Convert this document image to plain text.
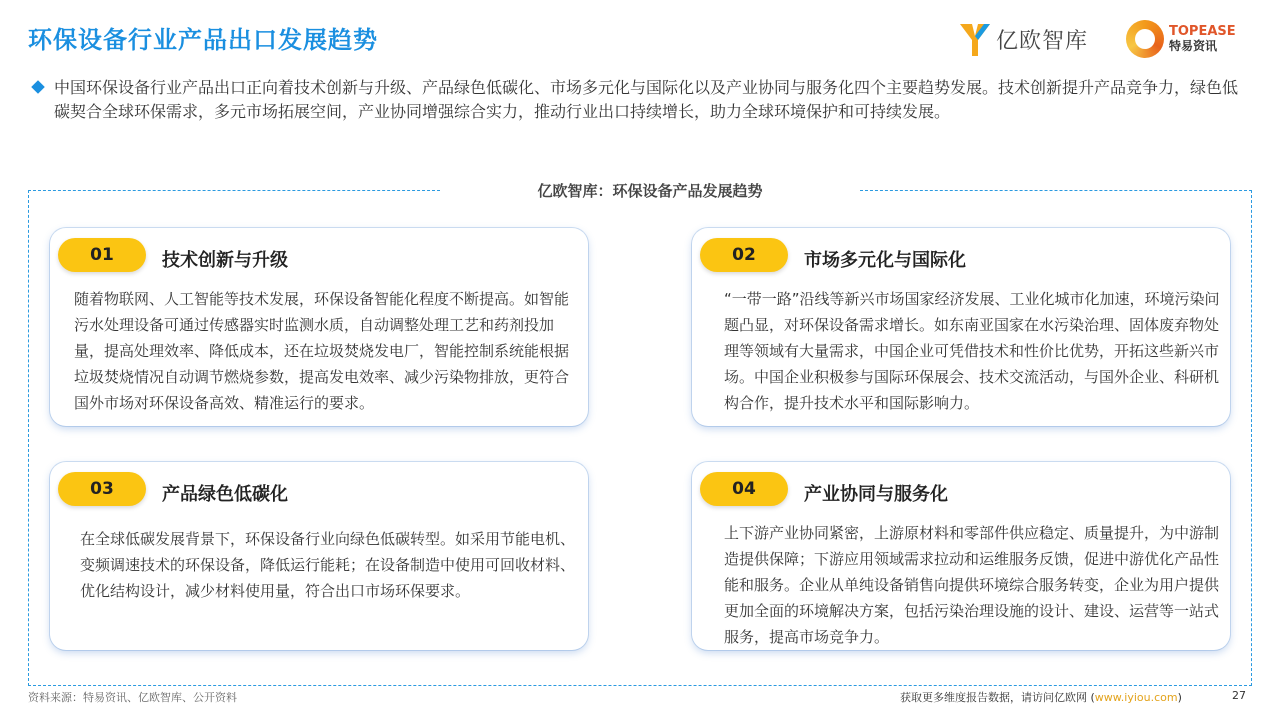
环保设备行业产品出口发展趋势	亿欧智库	TOPEASE
特易资讯
中国环保设备行业产品出口正向着技术创新与升级、产品绿色低碳化、市场多元化与国际化以及产业协同与服务化四个主要趋势发展。技术创新提升产品竞争力，绿色低碳契合全球环保需求，多元市场拓展空间，产业协同增强综合实力，推动行业出口持续增长，助力全球环境保护和可持续发展。
亿欧智库：环保设备产品发展趋势
01	技术创新与升级
随着物联网、人工智能等技术发展，环保设备智能化程度不断提高。如智能污水处理设备可通过传感器实时监测水质，自动调整处理工艺和药剂投加量，提高处理效率、降低成本，还在垃圾焚烧发电厂，智能控制系统能根据垃圾焚烧情况自动调节燃烧参数，提高发电效率、减少污染物排放，更符合国外市场对环保设备高效、精准运行的要求。
02	市场多元化与国际化
“一带一路”沿线等新兴市场国家经济发展、工业化城市化加速，环境污染问题凸显，对环保设备需求增长。如东南亚国家在水污染治理、固体废弃物处理等领域有大量需求，中国企业可凭借技术和性价比优势，开拓这些新兴市场。中国企业积极参与国际环保展会、技术交流活动，与国外企业、科研机构合作，提升技术水平和国际影响力。
03	产品绿色低碳化
在全球低碳发展背景下，环保设备行业向绿色低碳转型。如采用节能电机、变频调速技术的环保设备，降低运行能耗；在设备制造中使用可回收材料、优化结构设计，减少材料使用量，符合出口市场环保要求。
04	产业协同与服务化
上下游产业协同紧密，上游原材料和零部件供应稳定、质量提升，为中游制造提供保障；下游应用领域需求拉动和运维服务反馈，促进中游优化产品性能和服务。企业从单纯设备销售向提供环境综合服务转变，企业为用户提供更加全面的环境解决方案，包括污染治理设施的设计、建设、运营等一站式服务，提高市场竞争力。
资料来源：特易资讯、亿欧智库、公开资料	获取更多维度报告数据，请访问亿欧网 (www.iyiou.com)	27
